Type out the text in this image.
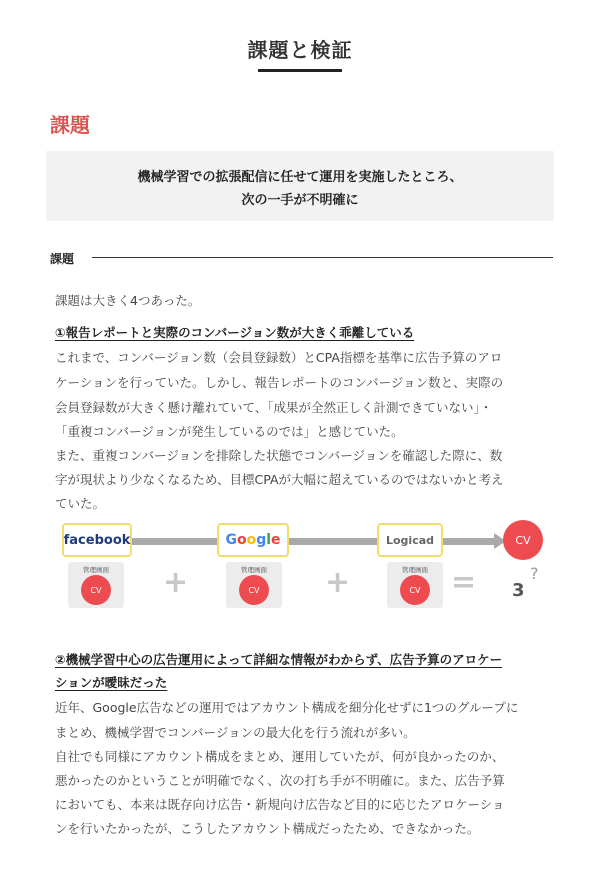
課題と検証
課題
機械学習での拡張配信に任せて運用を実施したところ、
次の一手が不明確に
課題
課題は大きく4つあった。
①報告レポートと実際のコンバージョン数が大きく乖離している
これまで、コンバージョン数（会員登録数）とCPA指標を基準に広告予算のアロ
ケーションを行っていた。しかし、報告レポートのコンバージョン数と、実際の
会員登録数が大きく懸け離れていて、「成果が全然正しく計測できていない」・
「重複コンバージョンが発生しているのでは」と感じていた。
また、重複コンバージョンを排除した状態でコンバージョンを確認した際に、数
字が現状より少なくなるため、目標CPAが大幅に超えているのではないかと考え
ていた。
facebook	Google	Logicad	CV
管理画面
CV
管理画面
CV
管理画面
CV
+	+	= 3
?
②機械学習中心の広告運用によって詳細な情報がわからず、広告予算のアロケー
ションが曖昧だった
近年、Google広告などの運用ではアカウント構成を細分化せずに1つのグループに
まとめ、機械学習でコンバージョンの最大化を行う流れが多い。
自社でも同様にアカウント構成をまとめ、運用していたが、何が良かったのか、
悪かったのかということが明確でなく、次の打ち手が不明確に。また、広告予算
においても、本来は既存向け広告・新規向け広告など目的に応じたアロケーショ
ンを行いたかったが、こうしたアカウント構成だったため、できなかった。
